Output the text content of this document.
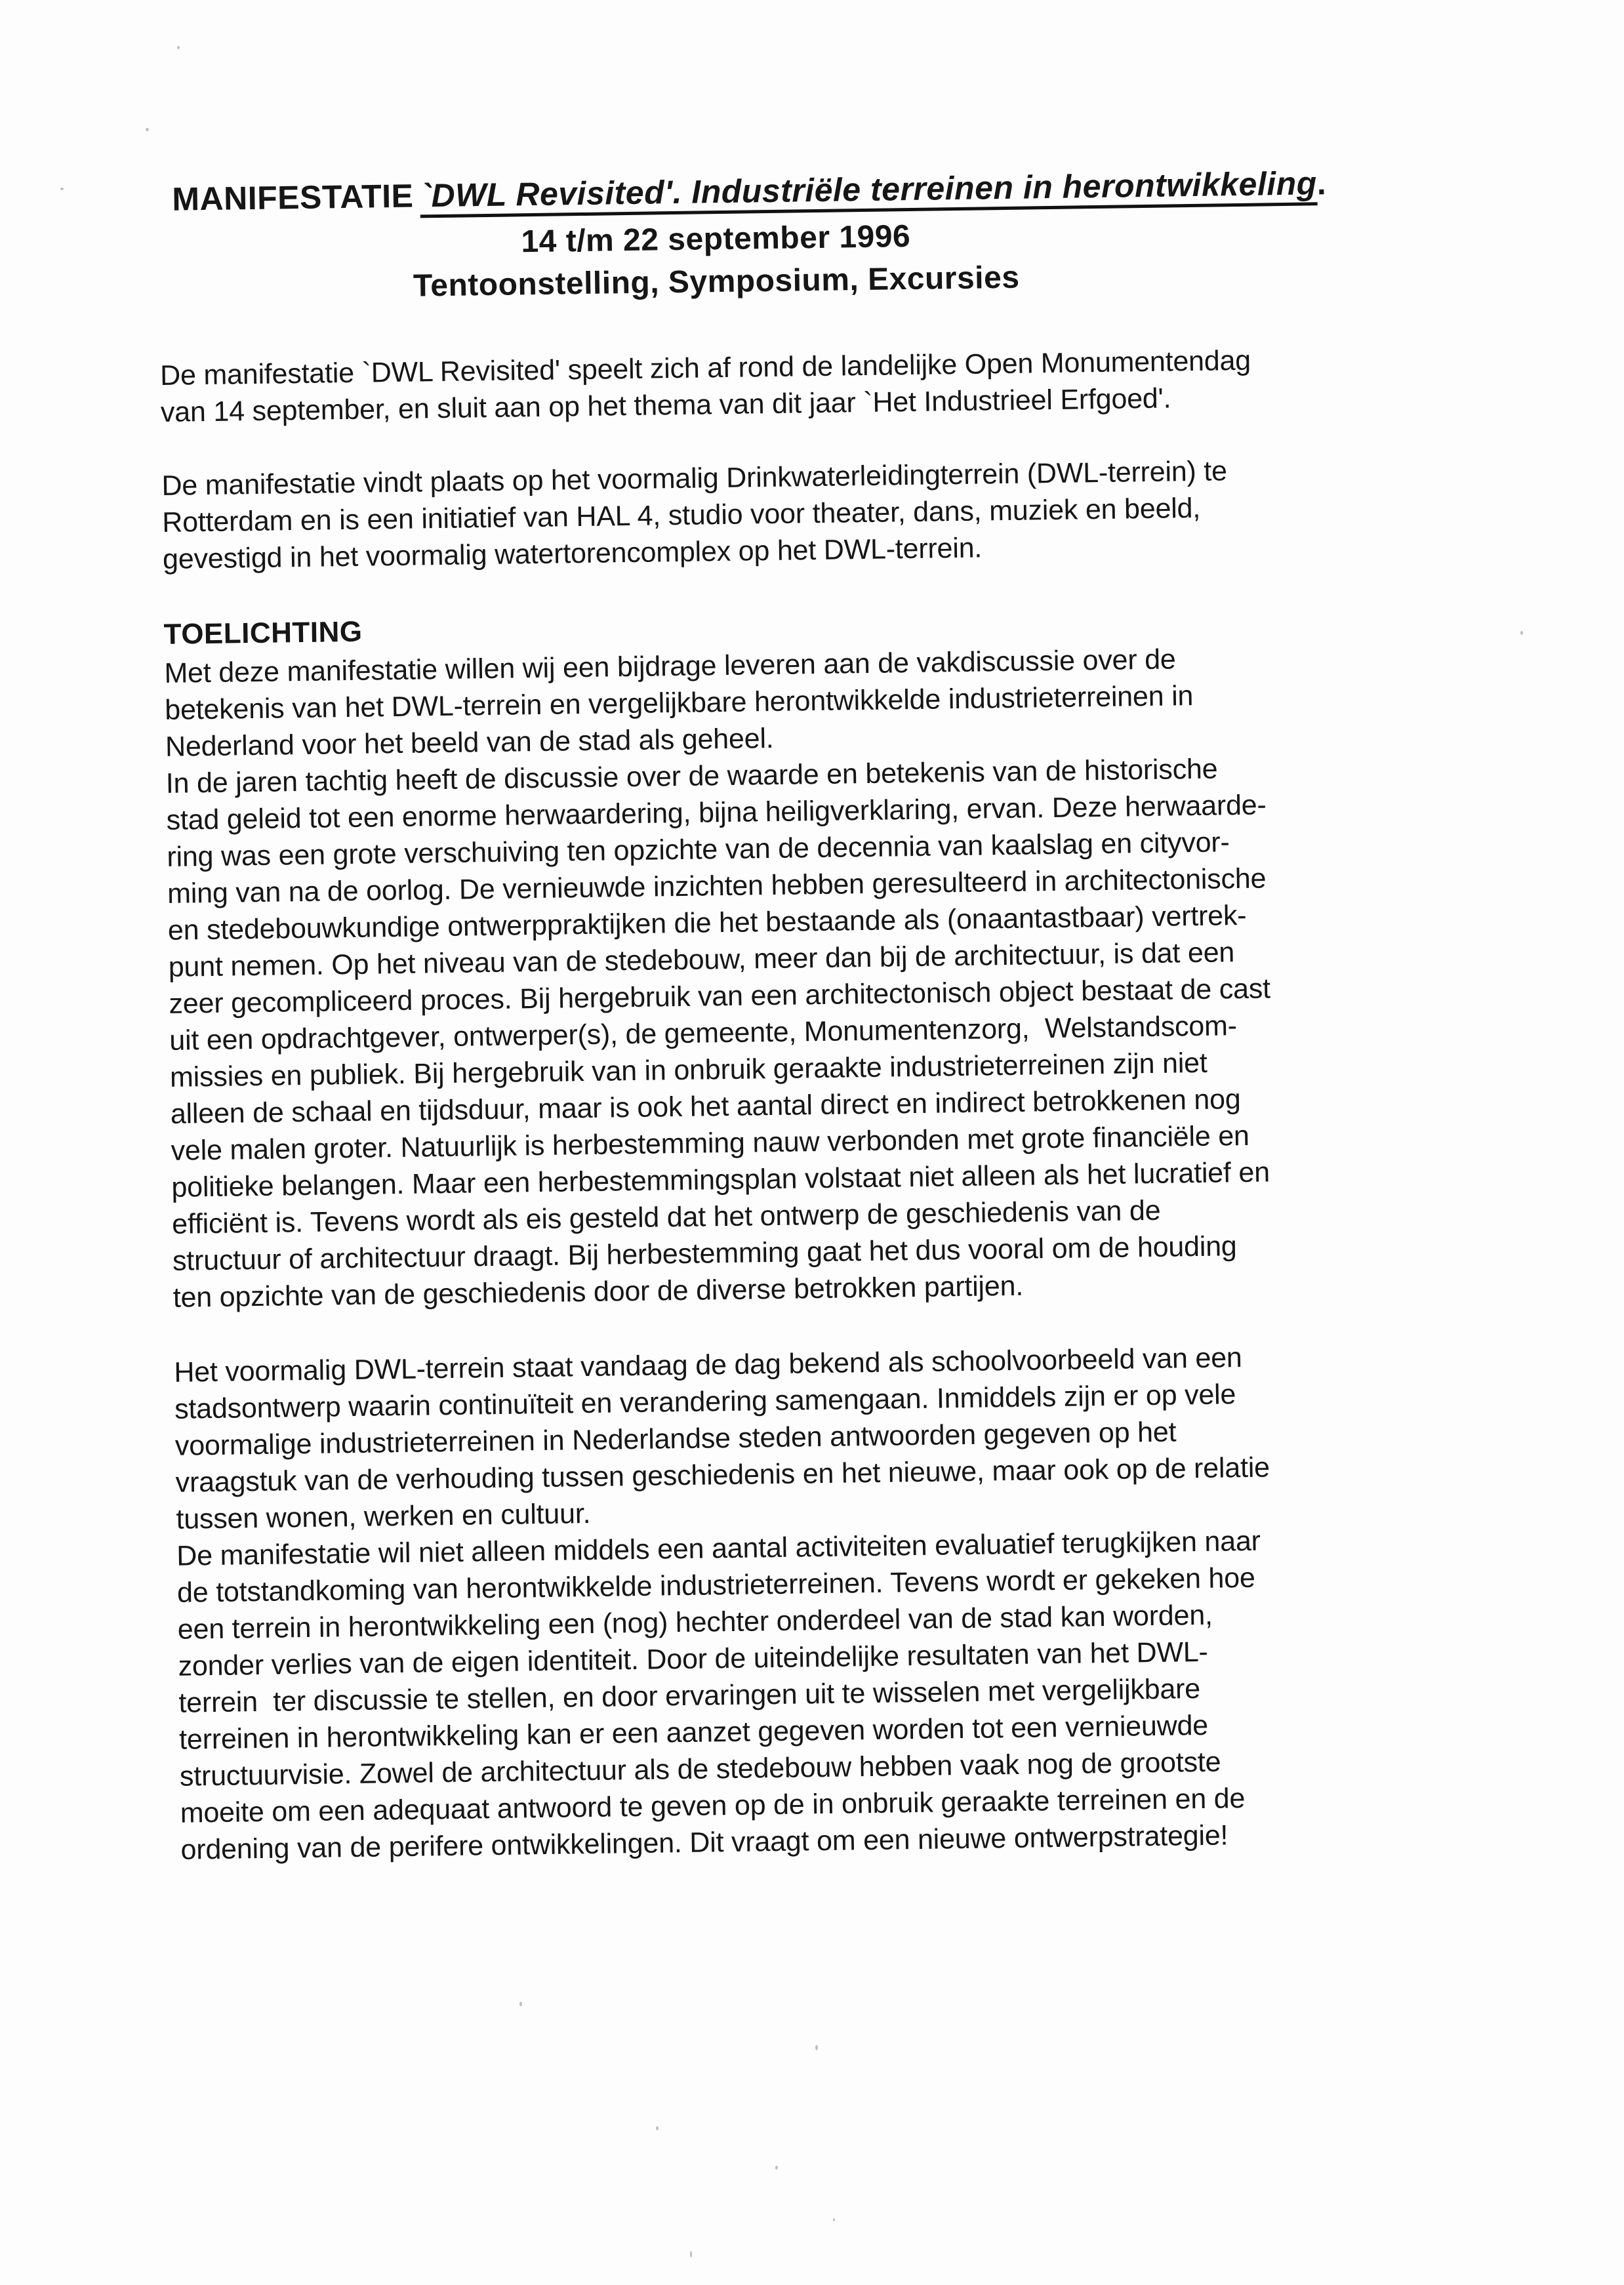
MANIFESTATIE `DWL Revisited'. Industriële terreinen in herontwikkeling.
14 t/m 22 september 1996
Tentoonstelling, Symposium, Excursies
De manifestatie `DWL Revisited' speelt zich af rond de landelijke Open Monumentendag
van 14 september, en sluit aan op het thema van dit jaar `Het Industrieel Erfgoed'.
De manifestatie vindt plaats op het voormalig Drinkwaterleidingterrein (DWL-terrein) te
Rotterdam en is een initiatief van HAL 4, studio voor theater, dans, muziek en beeld,
gevestigd in het voormalig watertorencomplex op het DWL-terrein.
TOELICHTING
Met deze manifestatie willen wij een bijdrage leveren aan de vakdiscussie over de
betekenis van het DWL-terrein en vergelijkbare herontwikkelde industrieterreinen in
Nederland voor het beeld van de stad als geheel.
In de jaren tachtig heeft de discussie over de waarde en betekenis van de historische
stad geleid tot een enorme herwaardering, bijna heiligverklaring, ervan. Deze herwaarde-
ring was een grote verschuiving ten opzichte van de decennia van kaalslag en cityvor-
ming van na de oorlog. De vernieuwde inzichten hebben geresulteerd in architectonische
en stedebouwkundige ontwerppraktijken die het bestaande als (onaantastbaar) vertrek-
punt nemen. Op het niveau van de stedebouw, meer dan bij de architectuur, is dat een
zeer gecompliceerd proces. Bij hergebruik van een architectonisch object bestaat de cast
uit een opdrachtgever, ontwerper(s), de gemeente, Monumentenzorg,  Welstandscom-
missies en publiek. Bij hergebruik van in onbruik geraakte industrieterreinen zijn niet
alleen de schaal en tijdsduur, maar is ook het aantal direct en indirect betrokkenen nog
vele malen groter. Natuurlijk is herbestemming nauw verbonden met grote financiële en
politieke belangen. Maar een herbestemmingsplan volstaat niet alleen als het lucratief en
efficiënt is. Tevens wordt als eis gesteld dat het ontwerp de geschiedenis van de
structuur of architectuur draagt. Bij herbestemming gaat het dus vooral om de houding
ten opzichte van de geschiedenis door de diverse betrokken partijen.
Het voormalig DWL-terrein staat vandaag de dag bekend als schoolvoorbeeld van een
stadsontwerp waarin continuïteit en verandering samengaan. Inmiddels zijn er op vele
voormalige industrieterreinen in Nederlandse steden antwoorden gegeven op het
vraagstuk van de verhouding tussen geschiedenis en het nieuwe, maar ook op de relatie
tussen wonen, werken en cultuur.
De manifestatie wil niet alleen middels een aantal activiteiten evaluatief terugkijken naar
de totstandkoming van herontwikkelde industrieterreinen. Tevens wordt er gekeken hoe
een terrein in herontwikkeling een (nog) hechter onderdeel van de stad kan worden,
zonder verlies van de eigen identiteit. Door de uiteindelijke resultaten van het DWL-
terrein  ter discussie te stellen, en door ervaringen uit te wisselen met vergelijkbare
terreinen in herontwikkeling kan er een aanzet gegeven worden tot een vernieuwde
structuurvisie. Zowel de architectuur als de stedebouw hebben vaak nog de grootste
moeite om een adequaat antwoord te geven op de in onbruik geraakte terreinen en de
ordening van de perifere ontwikkelingen. Dit vraagt om een nieuwe ontwerpstrategie!
